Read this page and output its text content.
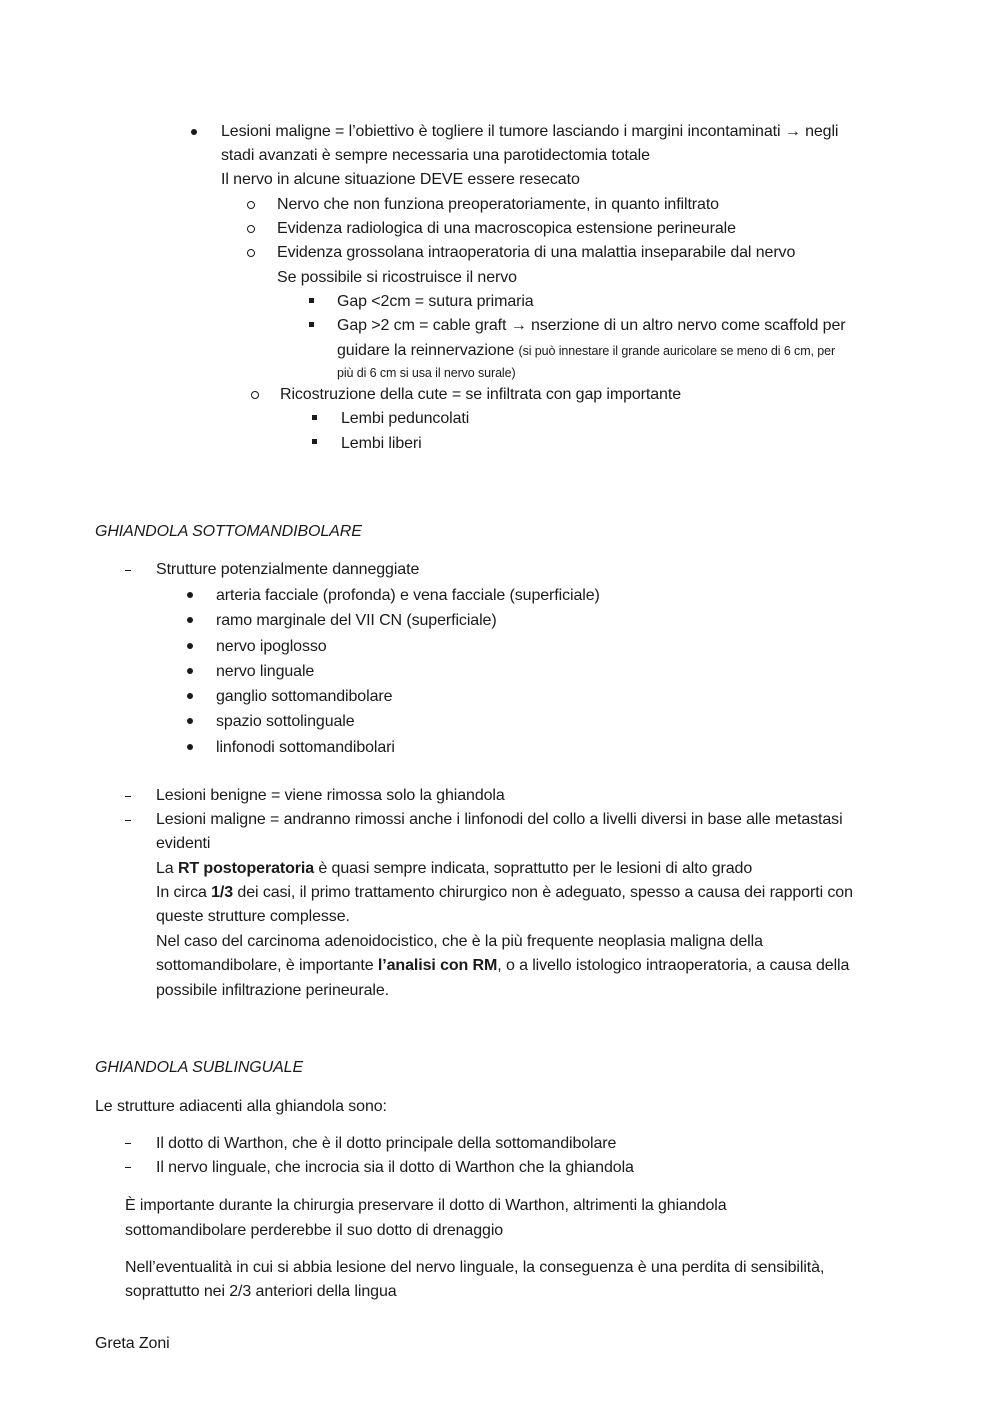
Lesioni maligne = l’obiettivo è togliere il tumore lasciando i margini incontaminati → negli
stadi avanzati è sempre necessaria una parotidectomia totale
Il nervo in alcune situazione DEVE essere resecato
Nervo che non funziona preoperatoriamente, in quanto infiltrato
Evidenza radiologica di una macroscopica estensione perineurale
Evidenza grossolana intraoperatoria di una malattia inseparabile dal nervo
Se possibile si ricostruisce il nervo
Gap <2cm = sutura primaria
Gap >2 cm = cable graft → nserzione di un altro nervo come scaffold per
guidare la reinnervazione (si può innestare il grande auricolare se meno di 6 cm, per
più di 6 cm si usa il nervo surale)
Ricostruzione della cute = se infiltrata con gap importante
Lembi peduncolati
Lembi liberi
GHIANDOLA SOTTOMANDIBOLARE
Strutture potenzialmente danneggiate
arteria facciale (profonda) e vena facciale (superficiale)
ramo marginale del VII CN (superficiale)
nervo ipoglosso
nervo linguale
ganglio sottomandibolare
spazio sottolinguale
linfonodi sottomandibolari
Lesioni benigne = viene rimossa solo la ghiandola
Lesioni maligne = andranno rimossi anche i linfonodi del collo a livelli diversi in base alle metastasi
evidenti
La RT postoperatoria è quasi sempre indicata, soprattutto per le lesioni di alto grado
In circa 1/3 dei casi, il primo trattamento chirurgico non è adeguato, spesso a causa dei rapporti con
queste strutture complesse.
Nel caso del carcinoma adenoidocistico, che è la più frequente neoplasia maligna della
sottomandibolare, è importante l’analisi con RM, o a livello istologico intraoperatoria, a causa della
possibile infiltrazione perineurale.
GHIANDOLA SUBLINGUALE
Le strutture adiacenti alla ghiandola sono:
Il dotto di Warthon, che è il dotto principale della sottomandibolare
Il nervo linguale, che incrocia sia il dotto di Warthon che la ghiandola
È importante durante la chirurgia preservare il dotto di Warthon, altrimenti la ghiandola
sottomandibolare perderebbe il suo dotto di drenaggio
Nell’eventualità in cui si abbia lesione del nervo linguale, la conseguenza è una perdita di sensibilità,
soprattutto nei 2/3 anteriori della lingua
Greta Zoni
